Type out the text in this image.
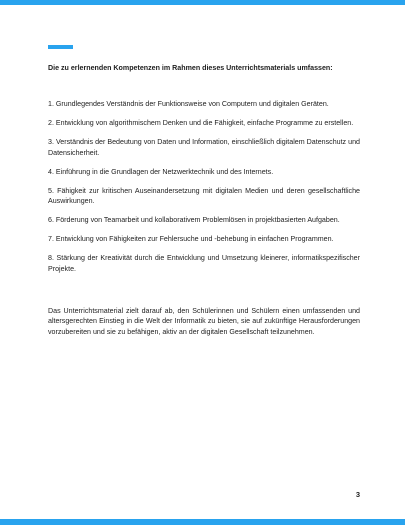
Die zu erlernenden Kompetenzen im Rahmen dieses Unterrichtsmaterials umfassen:

1. Grundlegendes Verständnis der Funktionsweise von Computern und digitalen Geräten.
2. Entwicklung von algorithmischem Denken und die Fähigkeit, einfache Programme zu erstellen.
3. Verständnis der Bedeutung von Daten und Information, einschließlich digitalem Datenschutz und Datensicherheit.
4. Einführung in die Grundlagen der Netzwerktechnik und des Internets.
5. Fähigkeit zur kritischen Auseinandersetzung mit digitalen Medien und deren gesellschaftliche Auswirkungen.
6. Förderung von Teamarbeit und kollaborativem Problemlösen in projektbasierten Aufgaben.
7. Entwicklung von Fähigkeiten zur Fehlersuche und -behebung in einfachen Programmen.
8. Stärkung der Kreativität durch die Entwicklung und Umsetzung kleinerer, informatikspezifischer Projekte.

Das Unterrichtsmaterial zielt darauf ab, den Schülerinnen und Schülern einen umfassenden und altersgerechten Einstieg in die Welt der Informatik zu bieten, sie auf zukünftige Herausforderungen vorzubereiten und sie zu befähigen, aktiv an der digitalen Gesellschaft teilzunehmen.

3
